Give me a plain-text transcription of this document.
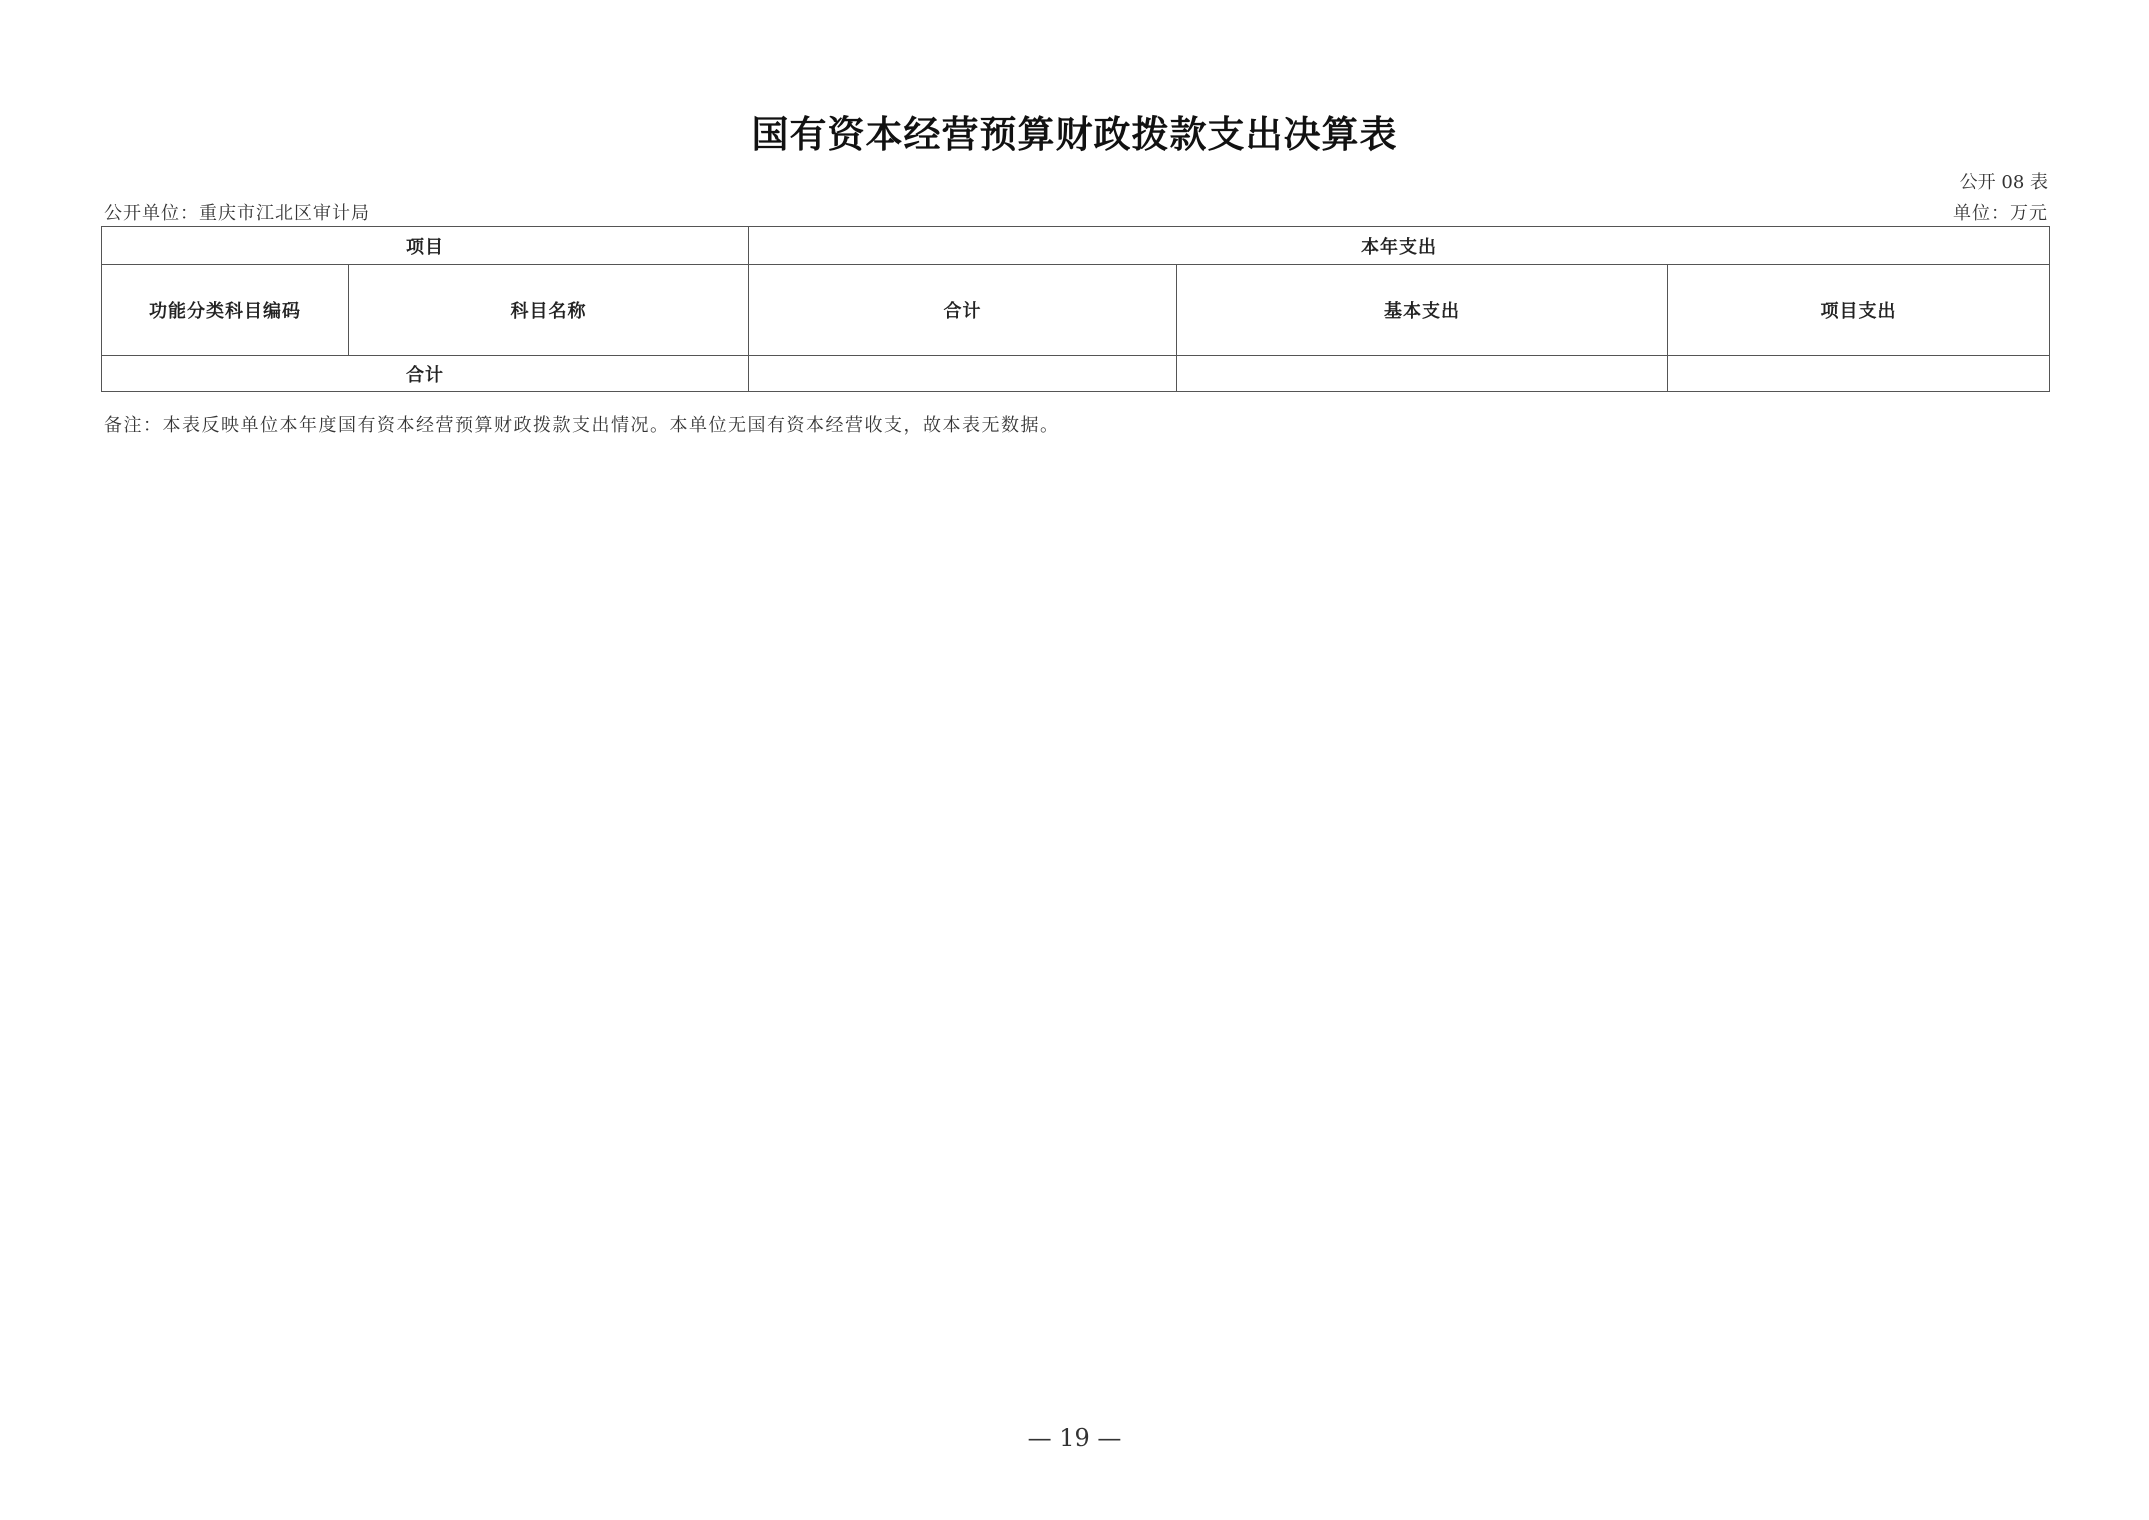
国有资本经营预算财政拨款支出决算表
公开 08 表
公开单位：重庆市江北区审计局	单位：万元
项目		本年支出		
功能分类科目编码	科目名称	合计	基本支出	项目支出
合计				
备注：本表反映单位本年度国有资本经营预算财政拨款支出情况。本单位无国有资本经营收支，故本表无数据。
— 19 —
